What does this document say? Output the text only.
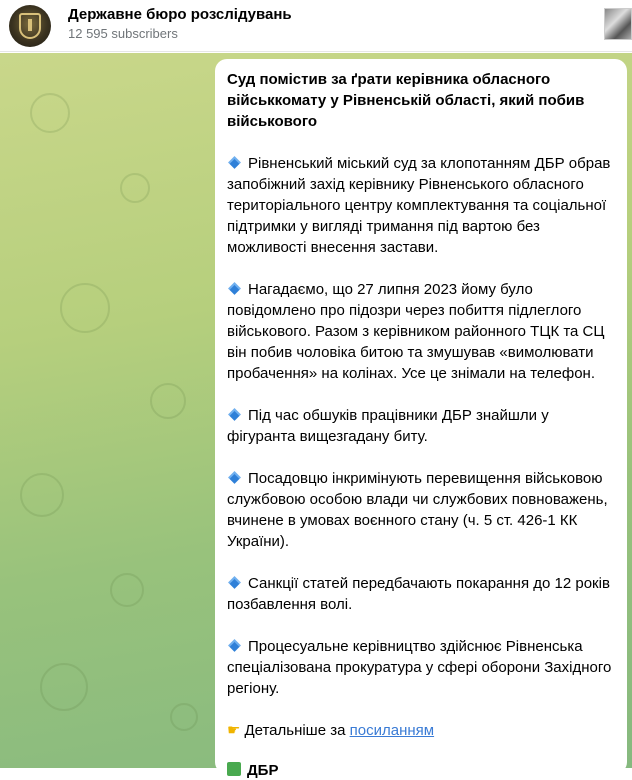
Державне бюро розслідувань
12 595 subscribers
Суд помістив за ґрати керівника обласного військкомату у Рівненській області, який побив військового
Рівненський міський суд за клопотанням ДБР обрав запобіжний захід керівнику Рівненського обласного територіального центру комплектування та соціальної підтримки у вигляді тримання під вартою без можливості внесення застави.
Нагадаємо, що 27 липня 2023 йому було повідомлено про підозри через побиття підлеглого військового. Разом з керівником районного ТЦК та СЦ він побив чоловіка битою та змушував «вимолювати пробачення» на колінах. Усе це знімали на телефон.
Під час обшуків працівники ДБР знайшли у фігуранта вищезгадану биту.
Посадовцю інкримінують перевищення військовою службовою особою влади чи службових повноважень, вчинене в умовах воєнного стану (ч. 5 ст. 426-1 КК України).
Санкції статей передбачають покарання до 12 років позбавлення волі.
Процесуальне керівництво здійснює Рівненська спеціалізована прокуратура у сфері оборони Західного регіону.
☛ Детальніше за посиланням
ДБР
